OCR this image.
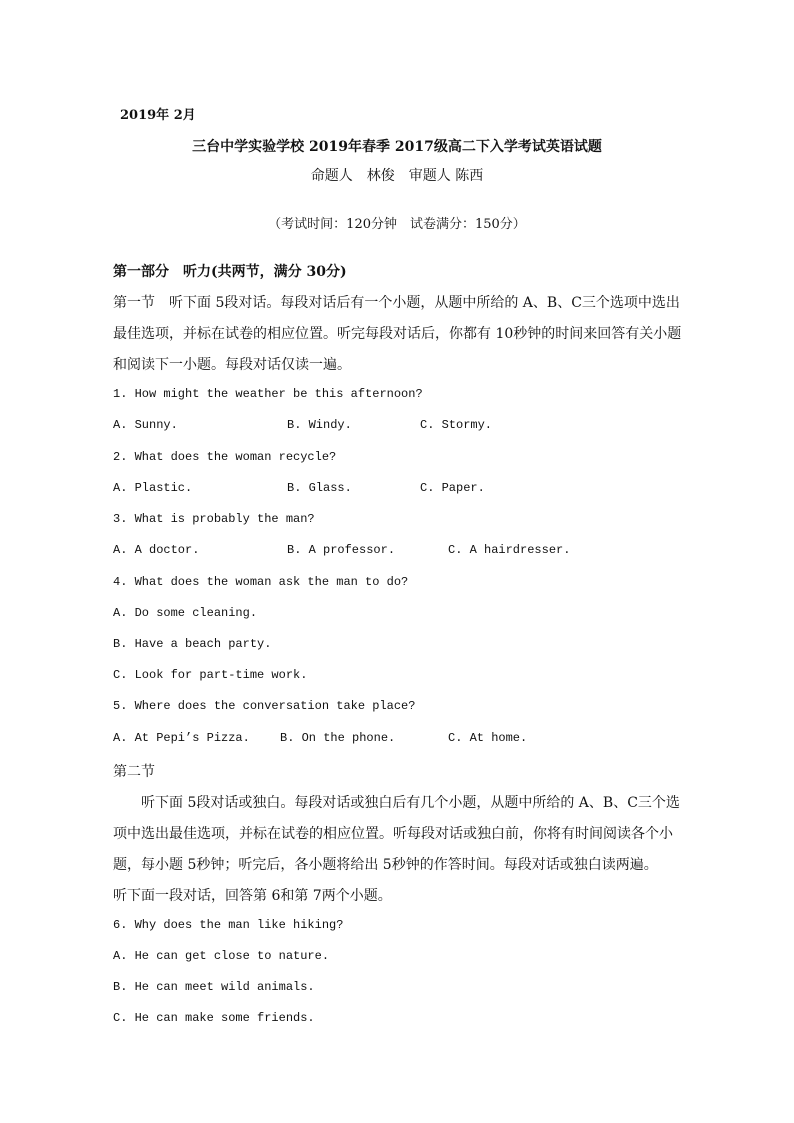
2019年 2月
三台中学实验学校 2019年春季 2017级高二下入学考试英语试题
命题人　林俊　审题人 陈西
（考试时间：120分钟　试卷满分：150分）
第一部分　听力(共两节，满分 30分)
第一节　听下面 5段对话。每段对话后有一个小题，从题中所给的 A、B、C三个选项中选出
最佳选项，并标在试卷的相应位置。听完每段对话后，你都有 10秒钟的时间来回答有关小题
和阅读下一小题。每段对话仅读一遍。
1. How might the weather be this afternoon?
A. Sunny.	B. Windy.	C. Stormy.
2. What does the woman recycle?
A. Plastic.	B. Glass.	C. Paper.
3. What is probably the man?
A. A doctor.	B. A professor.	C. A hairdresser.
4. What does the woman ask the man to do?
A. Do some cleaning.
B. Have a beach party.
C. Look for part-time work.
5. Where does the conversation take place?
A. At Pepi’s Pizza.	B. On the phone.	C. At home.
第二节
听下面 5段对话或独白。每段对话或独白后有几个小题，从题中所给的 A、B、C三个选
项中选出最佳选项，并标在试卷的相应位置。听每段对话或独白前，你将有时间阅读各个小
题，每小题 5秒钟；听完后，各小题将给出 5秒钟的作答时间。每段对话或独白读两遍。
听下面一段对话，回答第 6和第 7两个小题。
6. Why does the man like hiking?
A. He can get close to nature.
B. He can meet wild animals.
C. He can make some friends.
